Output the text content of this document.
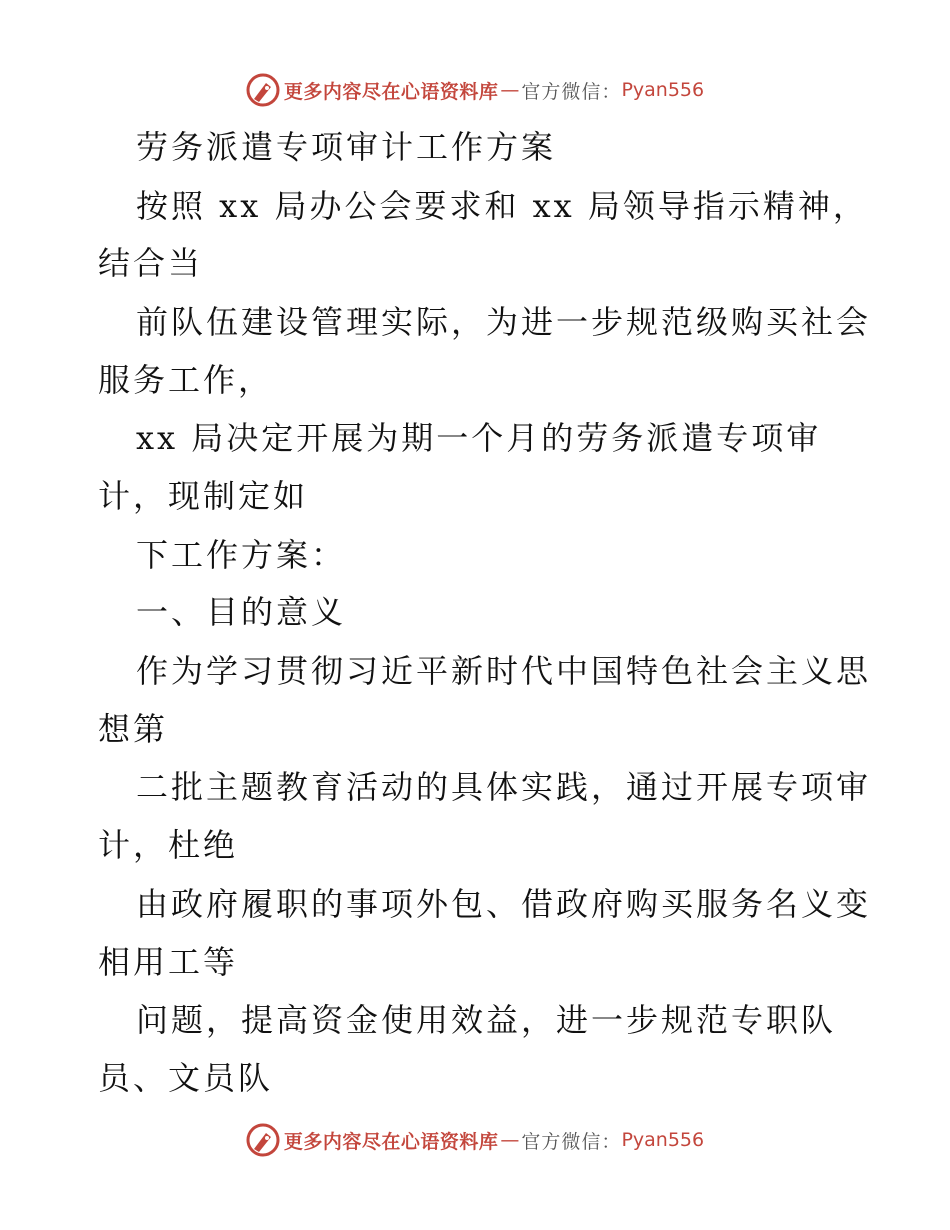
更多内容尽在心语资料库 — 官方微信： Pyan556
劳务派遣专项审计工作方案
按照 xx 局办公会要求和 xx 局领导指示精神，
结合当
前队伍建设管理实际，为进一步规范级购买社会
服务工作，
xx 局决定开展为期一个月的劳务派遣专项审
计，现制定如
下工作方案：
一、目的意义
作为学习贯彻习近平新时代中国特色社会主义思
想第
二批主题教育活动的具体实践，通过开展专项审
计，杜绝
由政府履职的事项外包、借政府购买服务名义变
相用工等
问题，提高资金使用效益，进一步规范专职队
员、文员队
更多内容尽在心语资料库 — 官方微信： Pyan556
